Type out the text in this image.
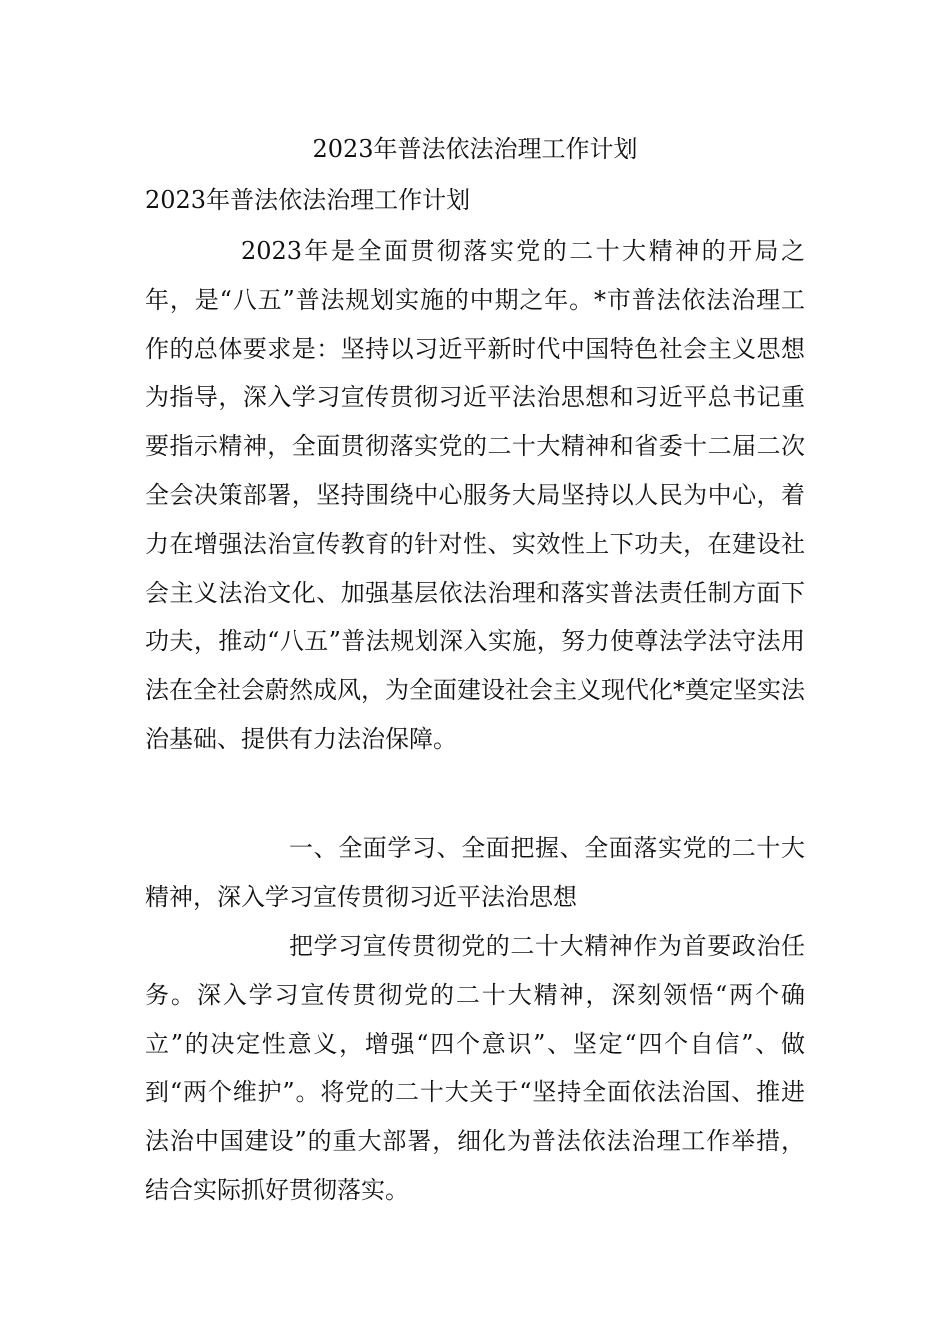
2023年普法依法治理工作计划
2023年普法依法治理工作计划

2023年是全面贯彻落实党的二十大精神的开局之年，是“八五”普法规划实施的中期之年。*市普法依法治理工作的总体要求是：坚持以习近平新时代中国特色社会主义思想为指导，深入学习宣传贯彻习近平法治思想和习近平总书记重要指示精神，全面贯彻落实党的二十大精神和省委十二届二次全会决策部署，坚持围绕中心服务大局坚持以人民为中心，着力在增强法治宣传教育的针对性、实效性上下功夫，在建设社会主义法治文化、加强基层依法治理和落实普法责任制方面下功夫，推动“八五”普法规划深入实施，努力使尊法学法守法用法在全社会蔚然成风，为全面建设社会主义现代化*奠定坚实法治基础、提供有力法治保障。

一、全面学习、全面把握、全面落实党的二十大精神，深入学习宣传贯彻习近平法治思想

把学习宣传贯彻党的二十大精神作为首要政治任务。深入学习宣传贯彻党的二十大精神，深刻领悟“两个确立”的决定性意义，增强“四个意识”、坚定“四个自信”、做到“两个维护”。将党的二十大关于“坚持全面依法治国、推进法治中国建设”的重大部署，细化为普法依法治理工作举措，结合实际抓好贯彻落实。
